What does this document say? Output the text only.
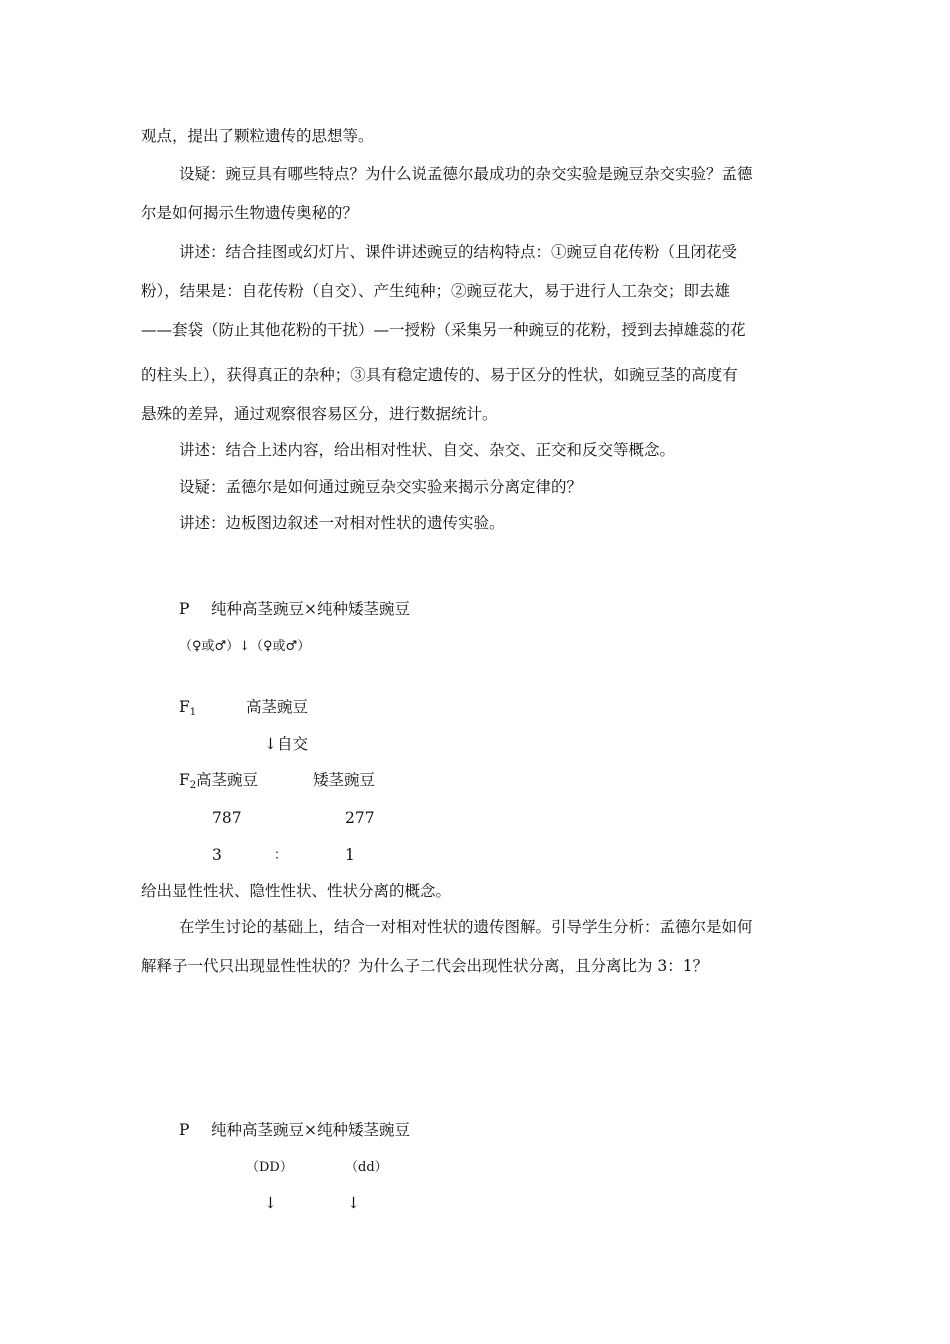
观点，提出了颗粒遗传的思想等。
设疑：豌豆具有哪些特点？为什么说孟德尔最成功的杂交实验是豌豆杂交实验？孟德
尔是如何揭示生物遗传奥秘的？
讲述：结合挂图或幻灯片、课件讲述豌豆的结构特点：①豌豆自花传粉（且闭花受
粉），结果是：自花传粉（自交）、产生纯种；②豌豆花大，易于进行人工杂交；即去雄
——套袋（防止其他花粉的干扰）—一授粉（采集另一种豌豆的花粉，授到去掉雄蕊的花
的柱头上），获得真正的杂种；③具有稳定遗传的、易于区分的性状，如豌豆茎的高度有
悬殊的差异，通过观察很容易区分，进行数据统计。
讲述：结合上述内容，给出相对性状、自交、杂交、正交和反交等概念。
设疑：孟德尔是如何通过豌豆杂交实验来揭示分离定律的？
讲述：边板图边叙述一对相对性状的遗传实验。
P 纯种高茎豌豆×纯种矮茎豌豆
（♀或♂）↓（♀或♂）
$F_1$	高茎豌豆
↓自交
$F_2$ 高茎豌豆	矮茎豌豆
787	277
3	：	1
给出显性性状、隐性性状、性状分离的概念。
在学生讨论的基础上，结合一对相对性状的遗传图解。引导学生分析：孟德尔是如何
解释子一代只出现显性性状的？为什么子二代会出现性状分离，且分离比为 3：1？
P 纯种高茎豌豆×纯种矮茎豌豆
（DD）	（dd）
↓	↓
